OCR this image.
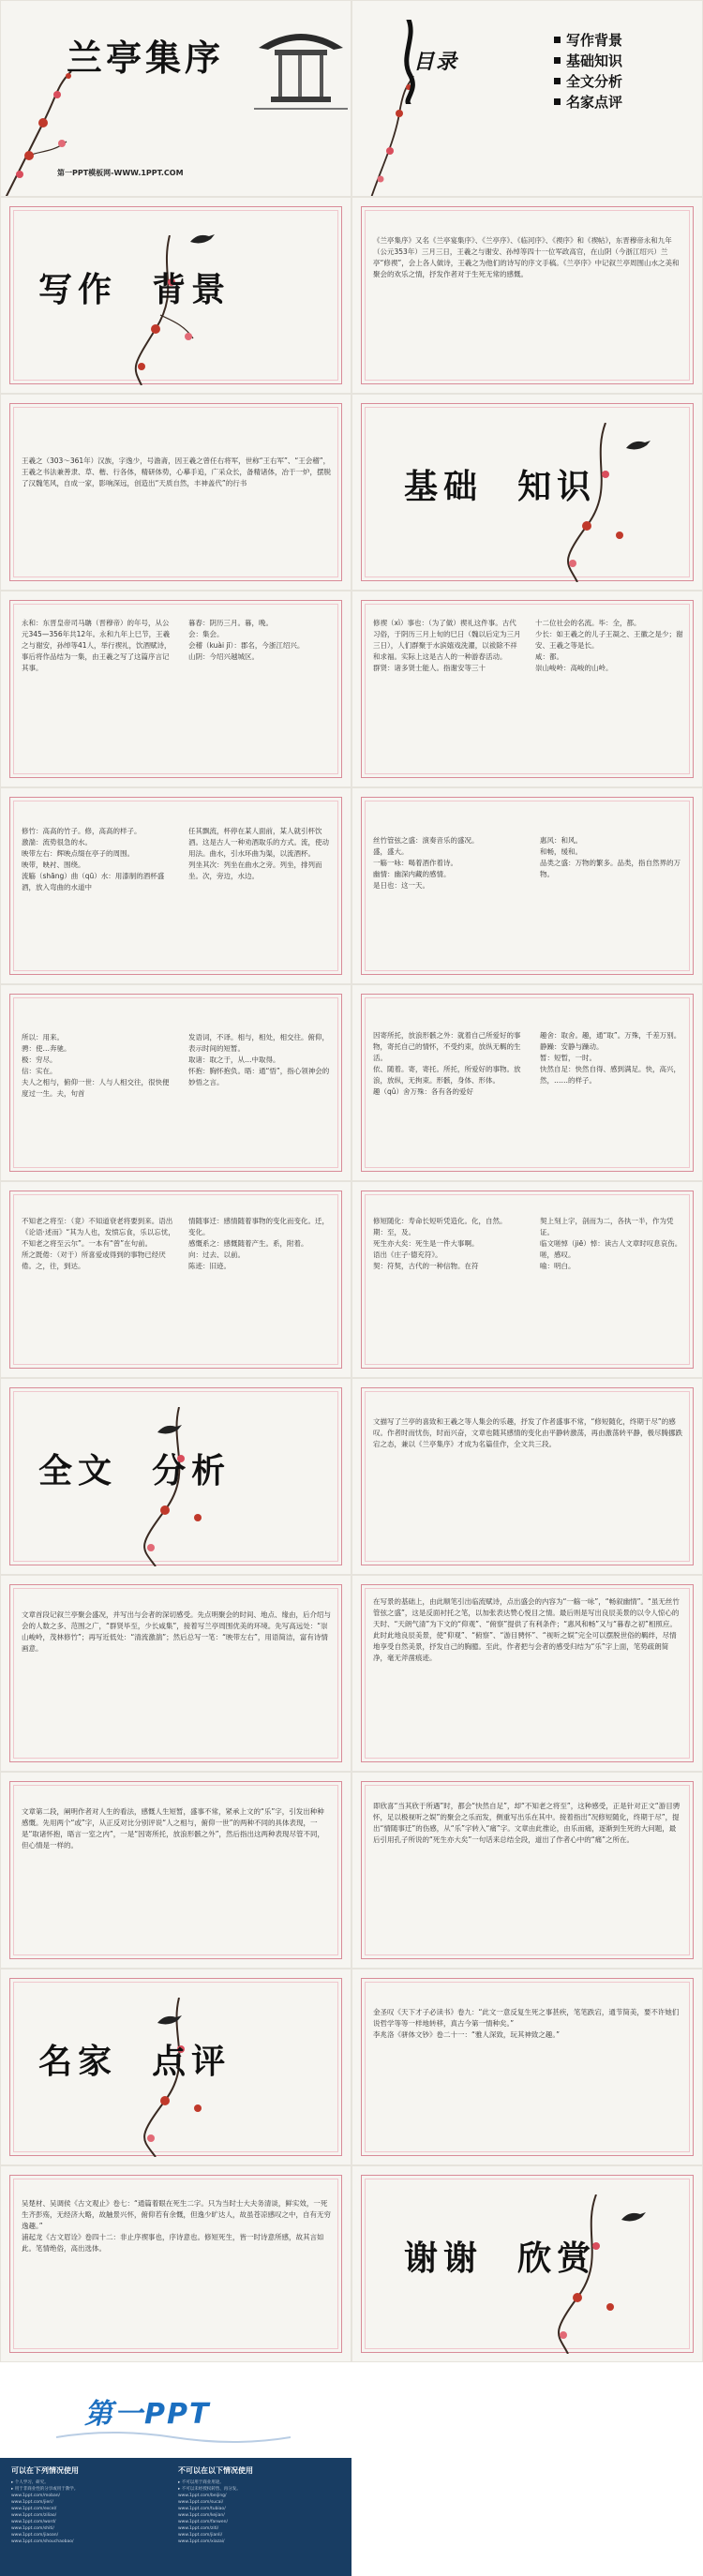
兰亭集序
第一PPT模板网-WWW.1PPT.COM
目录
写作背景
基础知识
全文分析
名家点评
写作 背景
《兰亭集序》又名《兰亭宴集序》、《兰亭序》、《临河序》、《禊序》和《禊帖》，东晋穆帝永和九年（公元353年）三月三日，王羲之与谢安、孙绰等四十一位军政高官，在山阴（今浙江绍兴）兰亭“修禊”，会上各人做诗，王羲之为他们的诗写的序文手稿。《兰亭序》中记叙兰亭周围山水之美和聚会的欢乐之情，抒发作者对于生死无常的感慨。
王羲之（303～361年）汉族，字逸少，号澹斋，因王羲之曾任右将军，世称“王右军”、“王会稽”，王羲之书法兼善隶、草、楷、行各体，精研体势，心摹手追，广采众长，备精诸体，冶于一炉，摆脱了汉魏笔风，自成一家，影响深远，创造出“天质自然，丰神盖代”的行书	基础 知识
永和：东晋皇帝司马聃（晋穆帝）的年号，从公元345—356年共12年。永和九年上巳节，王羲之与谢安，孙绰等41人，举行禊礼，饮酒赋诗，事后将作品结为一集，由王羲之写了这篇序言记其事。
暮春：阴历三月。暮，晚。
会：集会。
会稽（kuài jī）：郡名，今浙江绍兴。
山阴：今绍兴越城区。
修禊（xì）事也：（为了做）禊礼这件事。古代习俗，于阴历三月上旬的巳日（魏以后定为三月三日），人们群聚于水滨嬉戏洗濯，以祓除不祥和求福。实际上这是古人的一种游春活动。
群贤：诸多贤士能人。指谢安等三十
十二位社会的名流。毕：全，都。
少长：如王羲之的儿子王凝之、王徽之是少；谢安、王羲之等是长。
咸：都。
崇山峻岭：高峻的山岭。
修竹：高高的竹子。修，高高的样子。
激湍：流势很急的水。
映带左右：辉映点缀在亭子的周围。
映带，映衬、围绕。
流觞（shāng）曲（qū）水：用漆制的酒杯盛酒，放入弯曲的水道中
任其飘流，杯停在某人面前，某人就引杯饮酒。这是古人一种劝酒取乐的方式。流，使动用法。曲水，引水环曲为渠，以流酒杯。
列坐其次：列坐在曲水之旁。列坐，排列而坐。次，旁边，水边。
丝竹管弦之盛：演奏音乐的盛况。
盛，盛大。
一觞一咏：喝着酒作着诗。
幽情：幽深内藏的感情。
是日也：这一天。
惠风：和风。
和畅，缓和。
品类之盛：万物的繁多。品类，指自然界的万物。
所以：用来。
骋：使…奔驰。
极：穷尽。
信：实在。
夫人之相与，俯仰一世：人与人相交往，很快便度过一生。夫，句首
发语词，不译。相与，相处，相交往。俯仰，表示时间的短暂。
取诸：取之于，从…中取得。
怀抱：胸怀抱负。晤：通“悟”，指心领神会的妙悟之言。
因寄所托，放浪形骸之外：就着自己所爱好的事物，寄托自己的情怀，不受约束，放纵无羁的生活。
依、随着。寄，寄托。所托，所爱好的事物。放浪，放纵，无拘束。形骸，身体、形体。
趣（qǔ）舍万殊：各有各的爱好
趣舍：取舍。趣，通“取”。万殊，千差万别。
静躁：安静与躁动。
暂：短暂，一时。
快然自足：快然自得、感到满足。快，高兴，然，……的样子。
不知老之将至：（竟）不知道衰老将要到来。语出《论语·述而》“其为人也，发愤忘食，乐以忘忧，不知老之将至云尔”。一本有“曾”在句前。
所之既倦：（对于）所喜爱或得到的事物已经厌倦。之，往，到达。
情随事迁：感情随着事物的变化而变化。迁，变化。
感慨系之：感慨随着产生。系，附着。
向：过去、以前。
陈迹：旧迹。
修短随化：寿命长短听凭造化。化，自然。
期：至，及。
死生亦大矣：死生是一件大事啊。
语出《庄子·德充符》。
契：符契，古代的一种信物。在符
契上刻上字，剖而为二，各执一半，作为凭证。
临文嗟悼（jiē）悼：读古人文章时叹息哀伤。嗟，感叹。
喻：明白。
全文 分析
文描写了兰亭的喜致和王羲之等人集会的乐趣，抒发了作者盛事不常，“修短随化，终期于尽”的感叹。作者时而忧伤，时而兴奋，文章也随其感情的变化由平静转激荡，再由激荡转平静，极尽腾挪跌宕之态，兼以《兰亭集序》才成为名篇佳作，全文共三段。
文章首段记叙兰亭聚会盛况，并写出与会者的深切感受。先点明聚会的时间、地点、缘由，后介绍与会的人数之多、范围之广，“群贤毕至，少长咸集”，接着写兰亭周围优美的环境。先写高远处：“崇山峻岭，茂林修竹”；再写近低处：“清流激湍”；然后总写一笔：“映带左右”，用语简洁，富有诗情画意。
在写景的基础上，由此顺笔引出临流赋诗，点出盛会的内容为“一觞一咏”，“畅叙幽情”。“虽无丝竹管弦之盛”，这是反面衬托之笔，以加张表达赞心悦目之情。最后则是写出良辰美景的以令人惊心的天时、“天朗气清”为下文的“仰观”、“俯察”提供了有利条件；“惠风和畅”又与“暮春之初”相照应。此时此地良辰美景，使“仰观”、“俯察”、“游目骋怀”、“视听之娱”完全可以摆脱世俗的羁绊，尽情地享受自然美景，抒发自己的胸臆。至此，作者把与会者的感受归结为“乐”字上面，笔势疏朗简净，毫无斧凿痕迹。
文章第二段，阐明作者对人生的看法，感慨人生短暂，盛事不常，紧承上文的“乐”字，引发出种种感慨。先用两个“或”字，从正反对比分别评说“人之相与，俯仰一世”的两种不同的具体表现，一是“取诸怀抱，晤言一室之内”，一是“因寄所托，放浪形骸之外”，然后指出这两种表现尽管不同，但心情是一样的。
即欣喜“当其欣于所遇”时，都会“快然自足”，却“不知老之将至”，这种感受，正是针对正文“游目骋怀，足以极视听之娱”的聚会之乐而发，侧重写出乐在其中。接着指出“况修短随化，终期于尽”，提出“情随事迁”的伤感，从“乐”字转入“痛”字。文章由此推论，由乐而痛，逐渐到生死的大问题，最后引用孔子所说的“死生亦大矣”一句话来总结全段，道出了作者心中的“痛”之所在。
名家 点评
金圣叹《天下才子必读书》卷九：“此文一意反复生死之事甚疾，笔笔跌宕，通节简美，要不许她们说哲学等等一样地转移，真古今第一情种矣。”
李兆洛《骈体文钞》卷二十一：“雅人深致，玩其神致之趣。”
吴楚材、吴调侯《古文观止》卷七：“通篇着眼在死生二字。只为当时士大夫务清谈，鲜实效，一死生齐彭殇，无经济大略，故触景兴怀，俯仰若有余慨，但逸少旷达人，故虽苍凉感叹之中，自有无穷逸趣。”
浦起龙《古文眉诠》卷四十二：非止序禊事也，序诗意也。修短死生，皆一时诗意所感，故其言如此。笔情绝俗，高出选体。	谢谢 欣赏
第一PPT
可以在下列情况使用
▸ 个人学习、研究。
▸ 用于非商业性的分享或用于教学。
www.1ppt.com/moban/
www.1ppt.com/jieri/
www.1ppt.com/excel/
www.1ppt.com/ziliao/
www.1ppt.com/word/
www.1ppt.com/shiti/
www.1ppt.com/jiaoan/
www.1ppt.com/shouchaobao/
不可以在以下情况使用
▸ 不可以用于商业用途。
▸ 不可以未经授权转售、再分发。
www.1ppt.com/beijing/
www.1ppt.com/sucai/
www.1ppt.com/tubiao/
www.1ppt.com/kejian/
www.1ppt.com/fanwen/
www.1ppt.com/ziti/
www.1ppt.com/jianli/
www.1ppt.com/xiazai/
